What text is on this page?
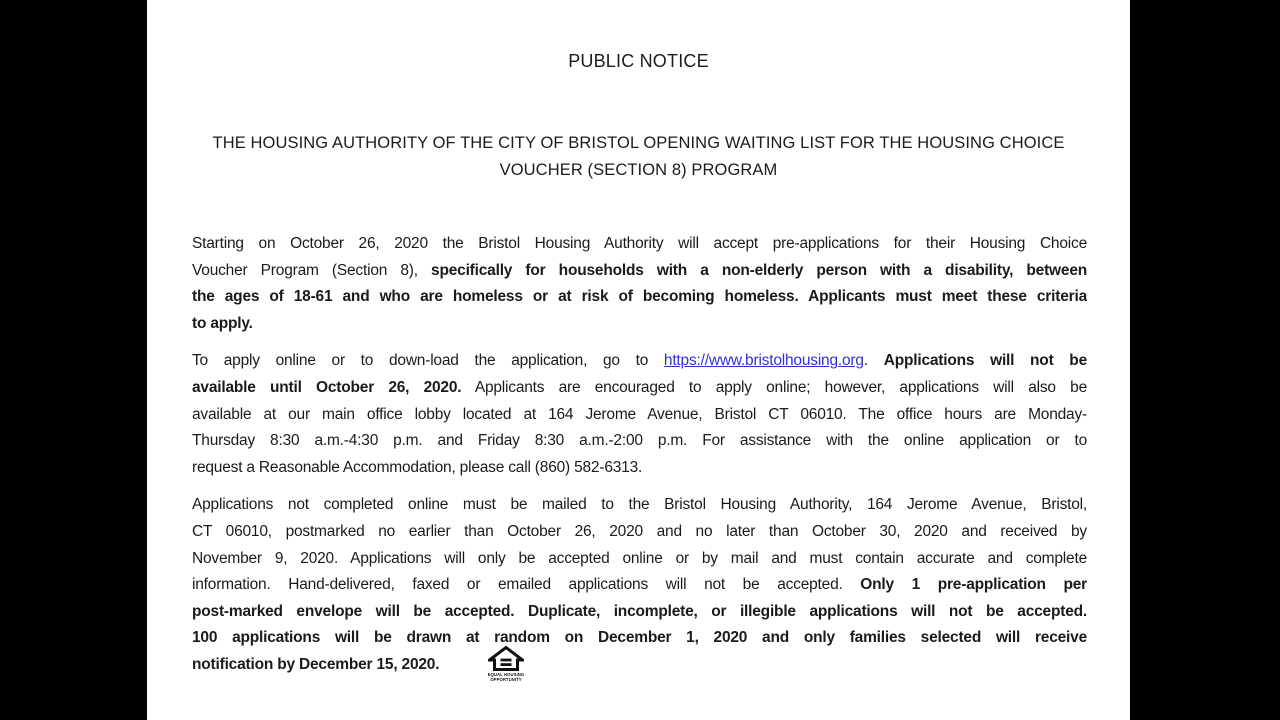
PUBLIC NOTICE
THE HOUSING AUTHORITY OF THE CITY OF BRISTOL OPENING WAITING LIST FOR THE HOUSING CHOICE
VOUCHER (SECTION 8) PROGRAM
Starting on October 26, 2020 the Bristol Housing Authority will accept pre-applications for their Housing Choice
Voucher Program (Section 8), specifically for households with a non-elderly person with a disability, between
the ages of 18-61 and who are homeless or at risk of becoming homeless. Applicants must meet these criteria
to apply.
To apply online or to down-load the application, go to https://www.bristolhousing.org. Applications will not be
available until October 26, 2020. Applicants are encouraged to apply online; however, applications will also be
available at our main office lobby located at 164 Jerome Avenue, Bristol CT 06010. The office hours are Monday-
Thursday 8:30 a.m.-4:30 p.m. and Friday 8:30 a.m.-2:00 p.m. For assistance with the online application or to
request a Reasonable Accommodation, please call (860) 582-6313.
Applications not completed online must be mailed to the Bristol Housing Authority, 164 Jerome Avenue, Bristol,
CT 06010, postmarked no earlier than October 26, 2020 and no later than October 30, 2020 and received by
November 9, 2020. Applications will only be accepted online or by mail and must contain accurate and complete
information. Hand-delivered, faxed or emailed applications will not be accepted. Only 1 pre-application per
post-marked envelope will be accepted. Duplicate, incomplete, or illegible applications will not be accepted.
100 applications will be drawn at random on December 1, 2020 and only families selected will receive
notification by December 15, 2020.
EQUAL HOUSING
OPPORTUNITY
